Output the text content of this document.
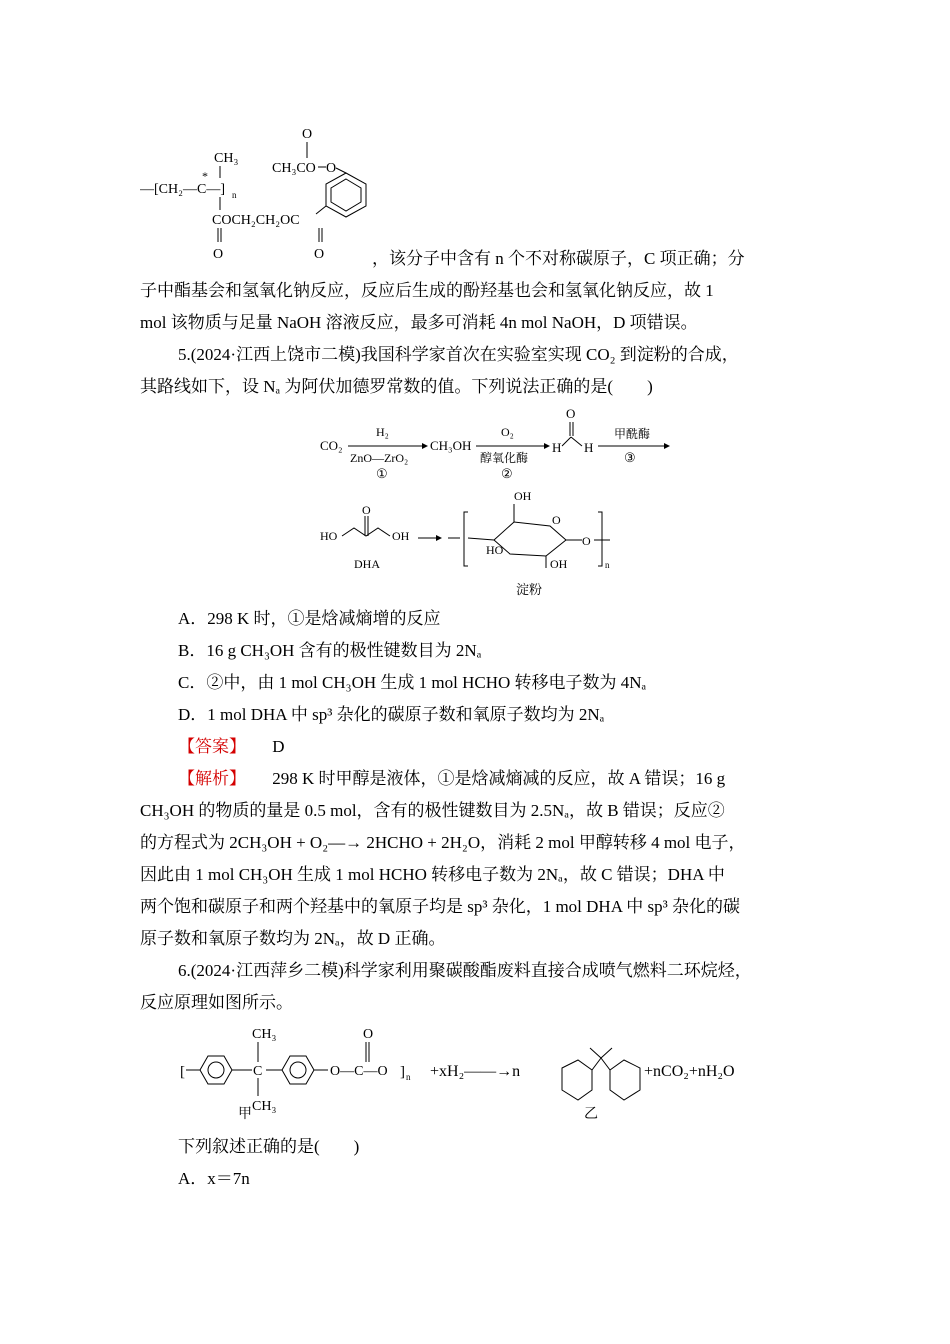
O
CH₃CO O
CH₃
*
—[CH₂—C—] n
COCH₂CH₂OC
O	O	，该分子中含有 n 个不对称碳原子，C 项正确；分
子中酯基会和氢氧化钠反应，反应后生成的酚羟基也会和氢氧化钠反应，故 1
mol 该物质与足量 NaOH 溶液反应，最多可消耗 4n mol NaOH，D 项错误。
5.(2024·江西上饶市二模)我国科学家首次在实验室实现 CO₂ 到淀粉的合成，
其路线如下，设 Nₐ 为阿伏加德罗常数的值。下列说法正确的是(　　)
CO₂
H₂
ZnO—ZrO₂
①
CH₃OH
O₂
醇氧化酶
②
O
H H
甲酰酶
③
HO
O
OH
DHA
OH
HO
OH
O
O
n
淀粉
A．298 K 时，①是焓减熵增的反应
B．16 g CH₃OH 含有的极性键数目为 2Nₐ
C．②中，由 1 mol CH₃OH 生成 1 mol HCHO 转移电子数为 4Nₐ
D．1 mol DHA 中 sp³ 杂化的碳原子数和氧原子数均为 2Nₐ
【答案】 D
【解析】 298 K 时甲醇是液体，①是焓减熵减的反应，故 A 错误；16 g
CH₃OH 的物质的量是 0.5 mol，含有的极性键数目为 2.5Nₐ，故 B 错误；反应②
的方程式为 2CH₃OH + O₂—→ 2HCHO + 2H₂O，消耗 2 mol 甲醇转移 4 mol 电子，
因此由 1 mol CH₃OH 生成 1 mol HCHO 转移电子数为 2Nₐ，故 C 错误；DHA 中
两个饱和碳原子和两个羟基中的氧原子均是 sp³ 杂化，1 mol DHA 中 sp³ 杂化的碳
原子数和氧原子数均为 2Nₐ，故 D 正确。
6.(2024·江西萍乡二模)科学家利用聚碳酸酯废料直接合成喷气燃料二环烷烃，
反应原理如图所示。
[
CH₃
C
CH₃
O
O—C—O ] n
甲
+xH₂——→n
乙
+nCO₂+nH₂O
下列叙述正确的是(　　)
A．x＝7n
